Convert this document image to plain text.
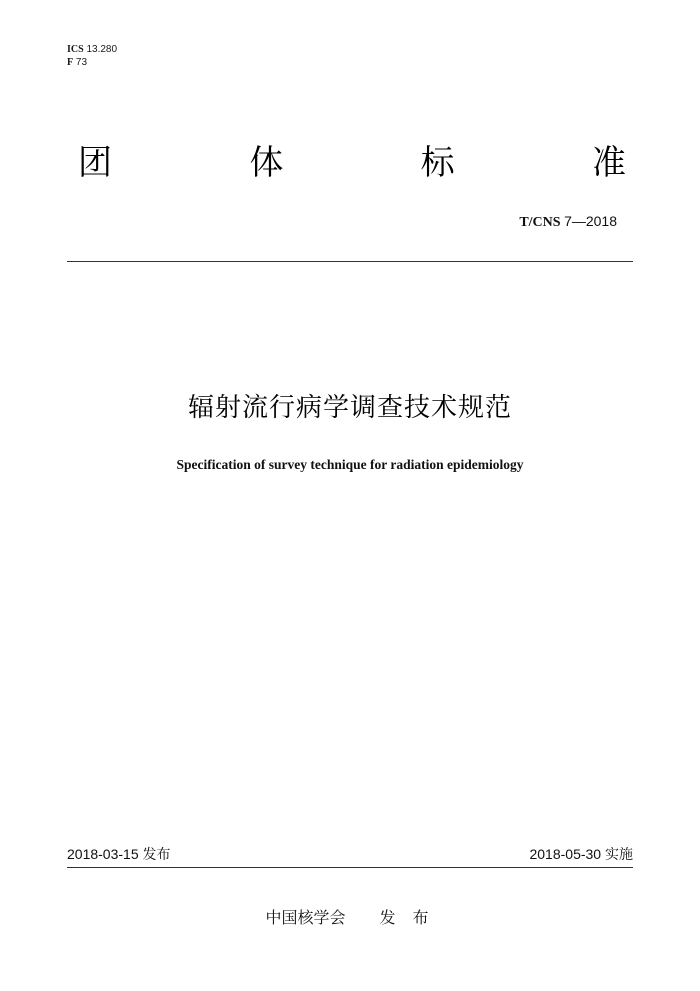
ICS 13.280
F 73
团	体	标	准
T/CNS 7—2018
辐射流行病学调查技术规范
Specification of survey technique for radiation epidemiology
2018-03-15 发布	2018-05-30 实施
中国核学会 发 布
